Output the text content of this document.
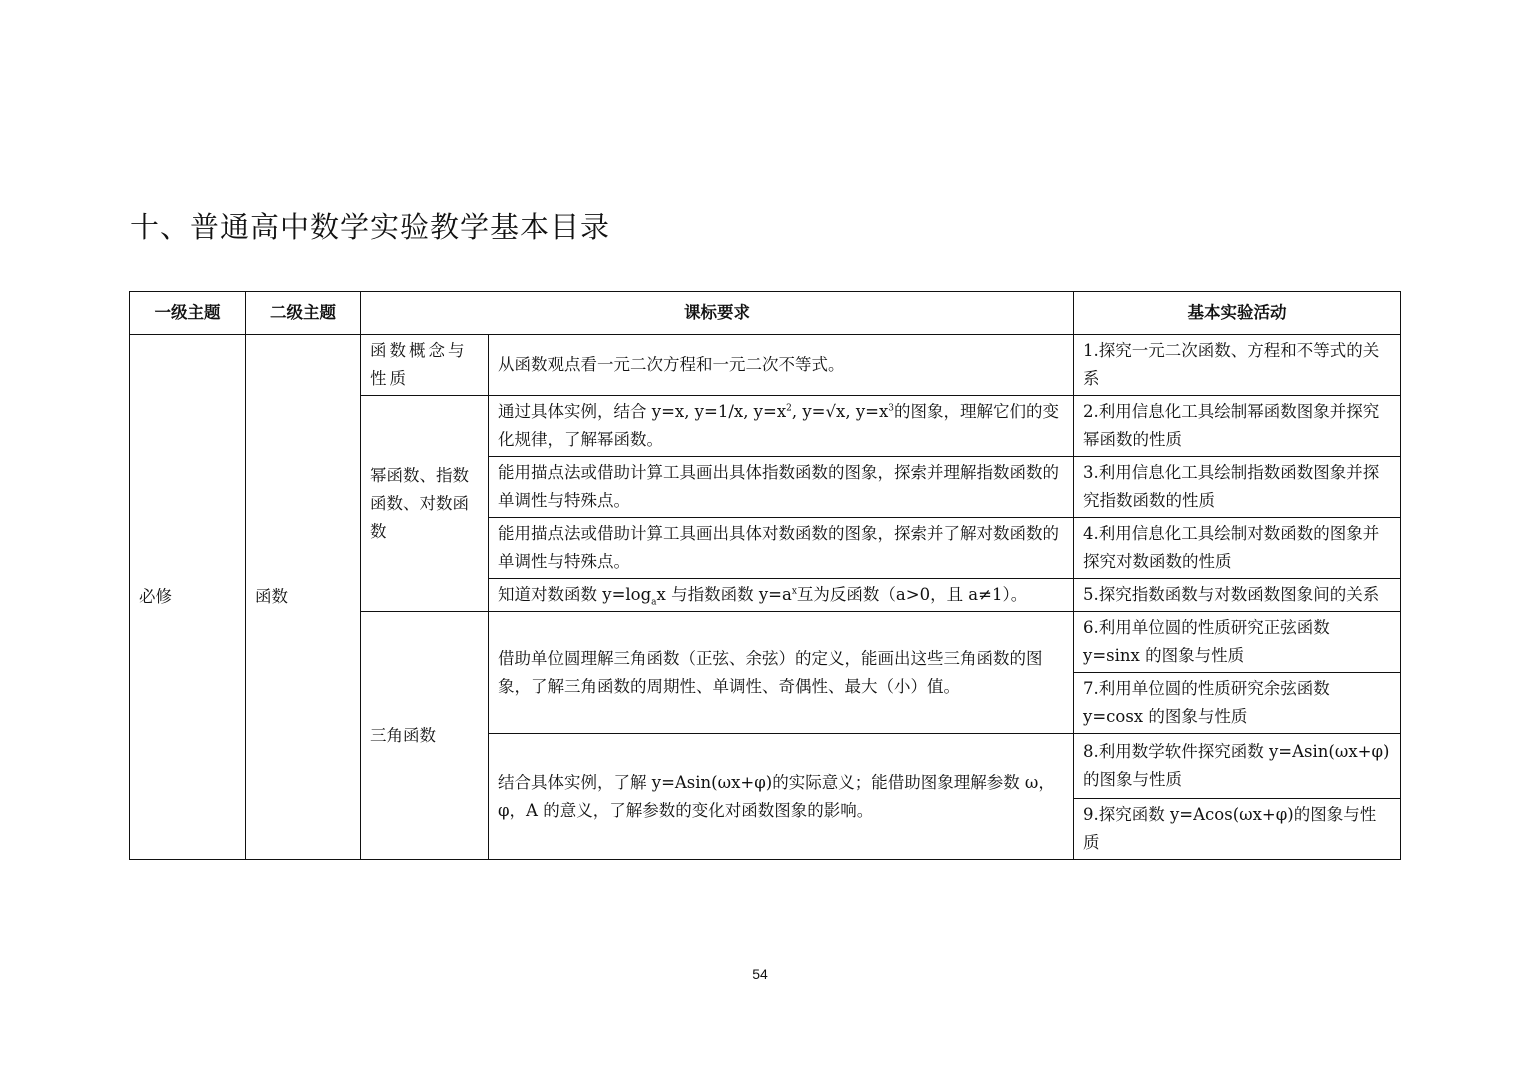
十、普通高中数学实验教学基本目录
一级主题	二级主题	课标要求		基本实验活动
必修	函数	函数概念与性质	从函数观点看一元二次方程和一元二次不等式。	1.探究一元二次函数、方程和不等式的关系
		幂函数、指数函数、对数函数	通过具体实例，结合 y=x, y=1/x, $y=x^2$, y=√x, $y=x^3$的图象，理解它们的变化规律，了解幂函数。	2.利用信息化工具绘制幂函数图象并探究幂函数的性质
			能用描点法或借助计算工具画出具体指数函数的图象，探索并理解指数函数的单调性与特殊点。	3.利用信息化工具绘制指数函数图象并探究指数函数的性质
			能用描点法或借助计算工具画出具体对数函数的图象，探索并了解对数函数的单调性与特殊点。	4.利用信息化工具绘制对数函数的图象并探究对数函数的性质
			知道对数函数 $y=\log_ax$ 与指数函数 $y=a^x$互为反函数（a>0，且 a≠1）。	5.探究指数函数与对数函数图象间的关系
		三角函数	借助单位圆理解三角函数（正弦、余弦）的定义，能画出这些三角函数的图象，了解三角函数的周期性、单调性、奇偶性、最大（小）值。	6.利用单位圆的性质研究正弦函数 y=sinx 的图象与性质
				7.利用单位圆的性质研究余弦函数 y=cosx 的图象与性质
			结合具体实例，了解 y=Asin(ωx+φ)的实际意义；能借助图象理解参数 ω， φ，A 的意义，了解参数的变化对函数图象的影响。	8.利用数学软件探究函数 y=Asin(ωx+φ)的图象与性质
				9.探究函数 y=Acos(ωx+φ)的图象与性质
54
